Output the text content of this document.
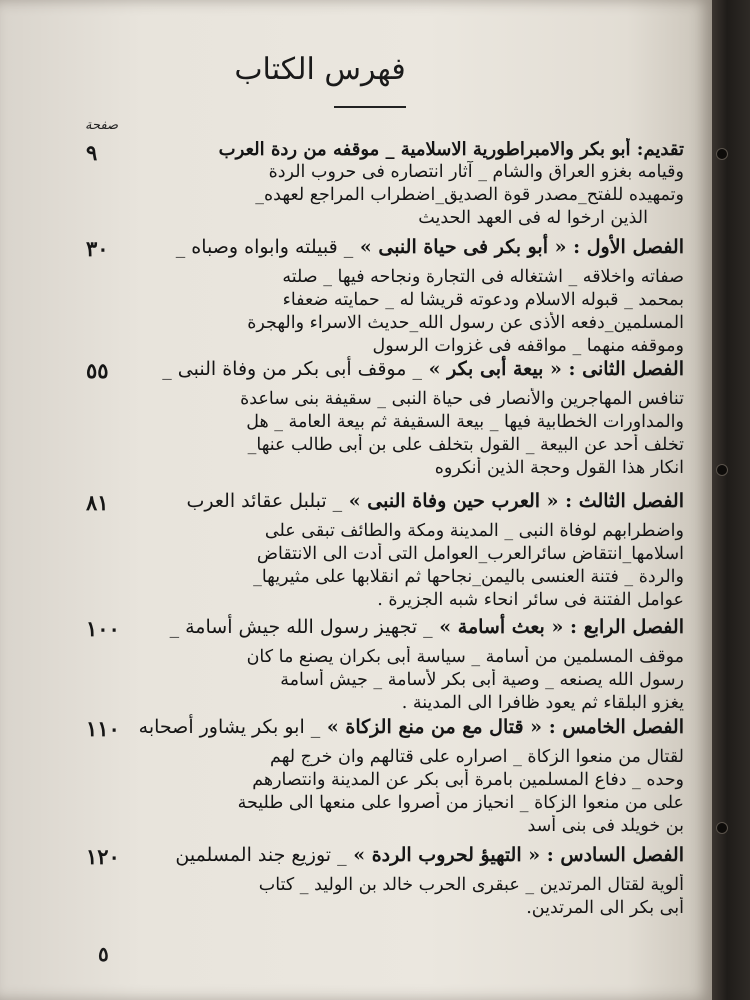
فهرس الكتاب
صفحة
٩	تقديم: أبو بكر والامبراطورية الاسلامية _ موقفه من ردة العرب
وقيامه بغزو العراق والشام _ آثار انتصاره فى حروب الردة
وتمهيده للفتح_مصدر قوة الصديق_اضطراب المراجع لعهده_
الذين ارخوا له فى العهد الحديث
الفصل الأول : « أبو بكر فى حياة النبى » _ قبيلته وابواه وصباه _
٣٠
صفاته واخلاقه _ اشتغاله فى التجارة ونجاحه فيها _ صلته
بمحمد _ قبوله الاسلام ودعوته قريشا له _ حمايته ضعفاء
المسلمين_دفعه الأذى عن رسول الله_حديث الاسراء والهجرة
وموقفه منهما _ مواقفه فى غزوات الرسول
الفصل الثانى : « بيعة أبى بكر » _ موقف أبى بكر من وفاة النبى _
٥٥
تنافس المهاجرين والأنصار فى حياة النبى _ سقيفة بنى ساعدة
والمداورات الخطابية فيها _ بيعة السقيفة ثم بيعة العامة _ هل
تخلف أحد عن البيعة _ القول بتخلف على بن أبى طالب عنها_
انكار هذا القول وحجة الذين أنكروه
الفصل الثالث : « العرب حين وفاة النبى » _ تبلبل عقائد العرب
٨١
واضطرابهم لوفاة النبى _ المدينة ومكة والطائف تبقى على
اسلامها_انتقاض سائرالعرب_العوامل التى أدت الى الانتقاض
والردة _ فتنة العنسى باليمن_نجاحها ثم انقلابها على مثيريها_
عوامل الفتنة فى سائر انحاء شبه الجزيرة .
الفصل الرابع : « بعث أسامة » _ تجهيز رسول الله جيش أسامة _
١٠٠
موقف المسلمين من أسامة _ سياسة أبى بكران يصنع ما كان
رسول الله يصنعه _ وصية أبى بكر لأسامة _ جيش أسامة
يغزو البلقاء ثم يعود ظافرا الى المدينة .
الفصل الخامس : « قتال مع من منع الزكاة » _ ابو بكر يشاور أصحابه
١١٠
لقتال من منعوا الزكاة _ اصراره على قتالهم وان خرج لهم
وحده _ دفاع المسلمين بامرة أبى بكر عن المدينة وانتصارهم
على من منعوا الزكاة _ انحياز من أصروا على منعها الى طليحة
بن خويلد فى بنى أسد
الفصل السادس : « التهيؤ لحروب الردة » _ توزيع جند المسلمين
١٢٠
ألوية لقتال المرتدين _ عبقرى الحرب خالد بن الوليد _ كتاب
أبى بكر الى المرتدين.
٥
